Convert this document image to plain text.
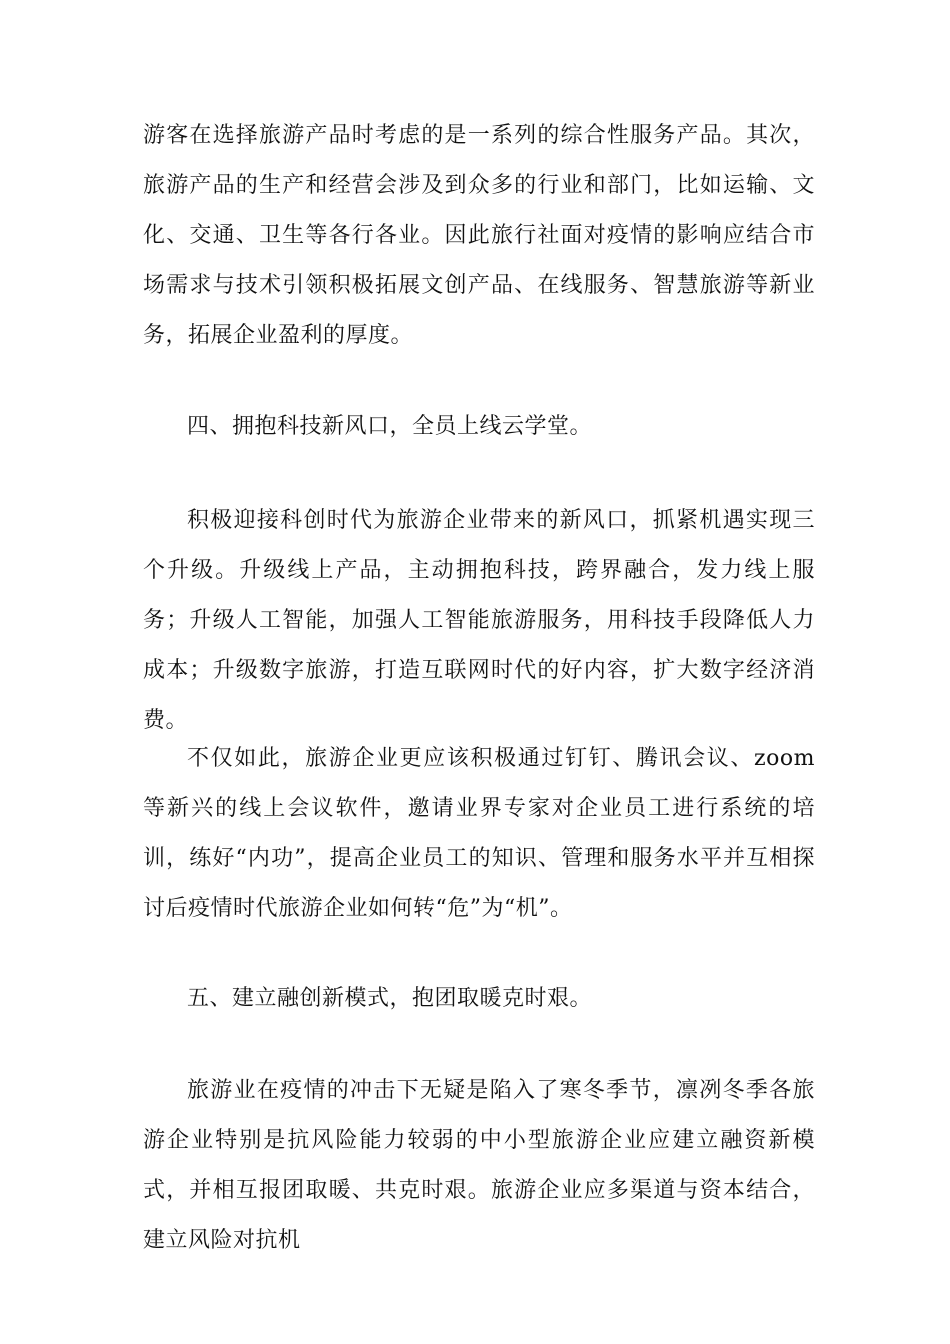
游客在选择旅游产品时考虑的是一系列的综合性服务产品。其次，旅游产品的生产和经营会涉及到众多的行业和部门，比如运输、文化、交通、卫生等各行各业。因此旅行社面对疫情的影响应结合市场需求与技术引领积极拓展文创产品、在线服务、智慧旅游等新业务，拓展企业盈利的厚度。

四、拥抱科技新风口，全员上线云学堂。

积极迎接科创时代为旅游企业带来的新风口，抓紧机遇实现三个升级。升级线上产品，主动拥抱科技，跨界融合，发力线上服务；升级人工智能，加强人工智能旅游服务，用科技手段降低人力成本；升级数字旅游，打造互联网时代的好内容，扩大数字经济消费。

不仅如此，旅游企业更应该积极通过钉钉、腾讯会议、zoom 等新兴的线上会议软件，邀请业界专家对企业员工进行系统的培训，练好“内功”，提高企业员工的知识、管理和服务水平并互相探讨后疫情时代旅游企业如何转“危”为“机”。

五、建立融创新模式，抱团取暖克时艰。

旅游业在疫情的冲击下无疑是陷入了寒冬季节，凛冽冬季各旅游企业特别是抗风险能力较弱的中小型旅游企业应建立融资新模式，并相互报团取暖、共克时艰。旅游企业应多渠道与资本结合，建立风险对抗机
